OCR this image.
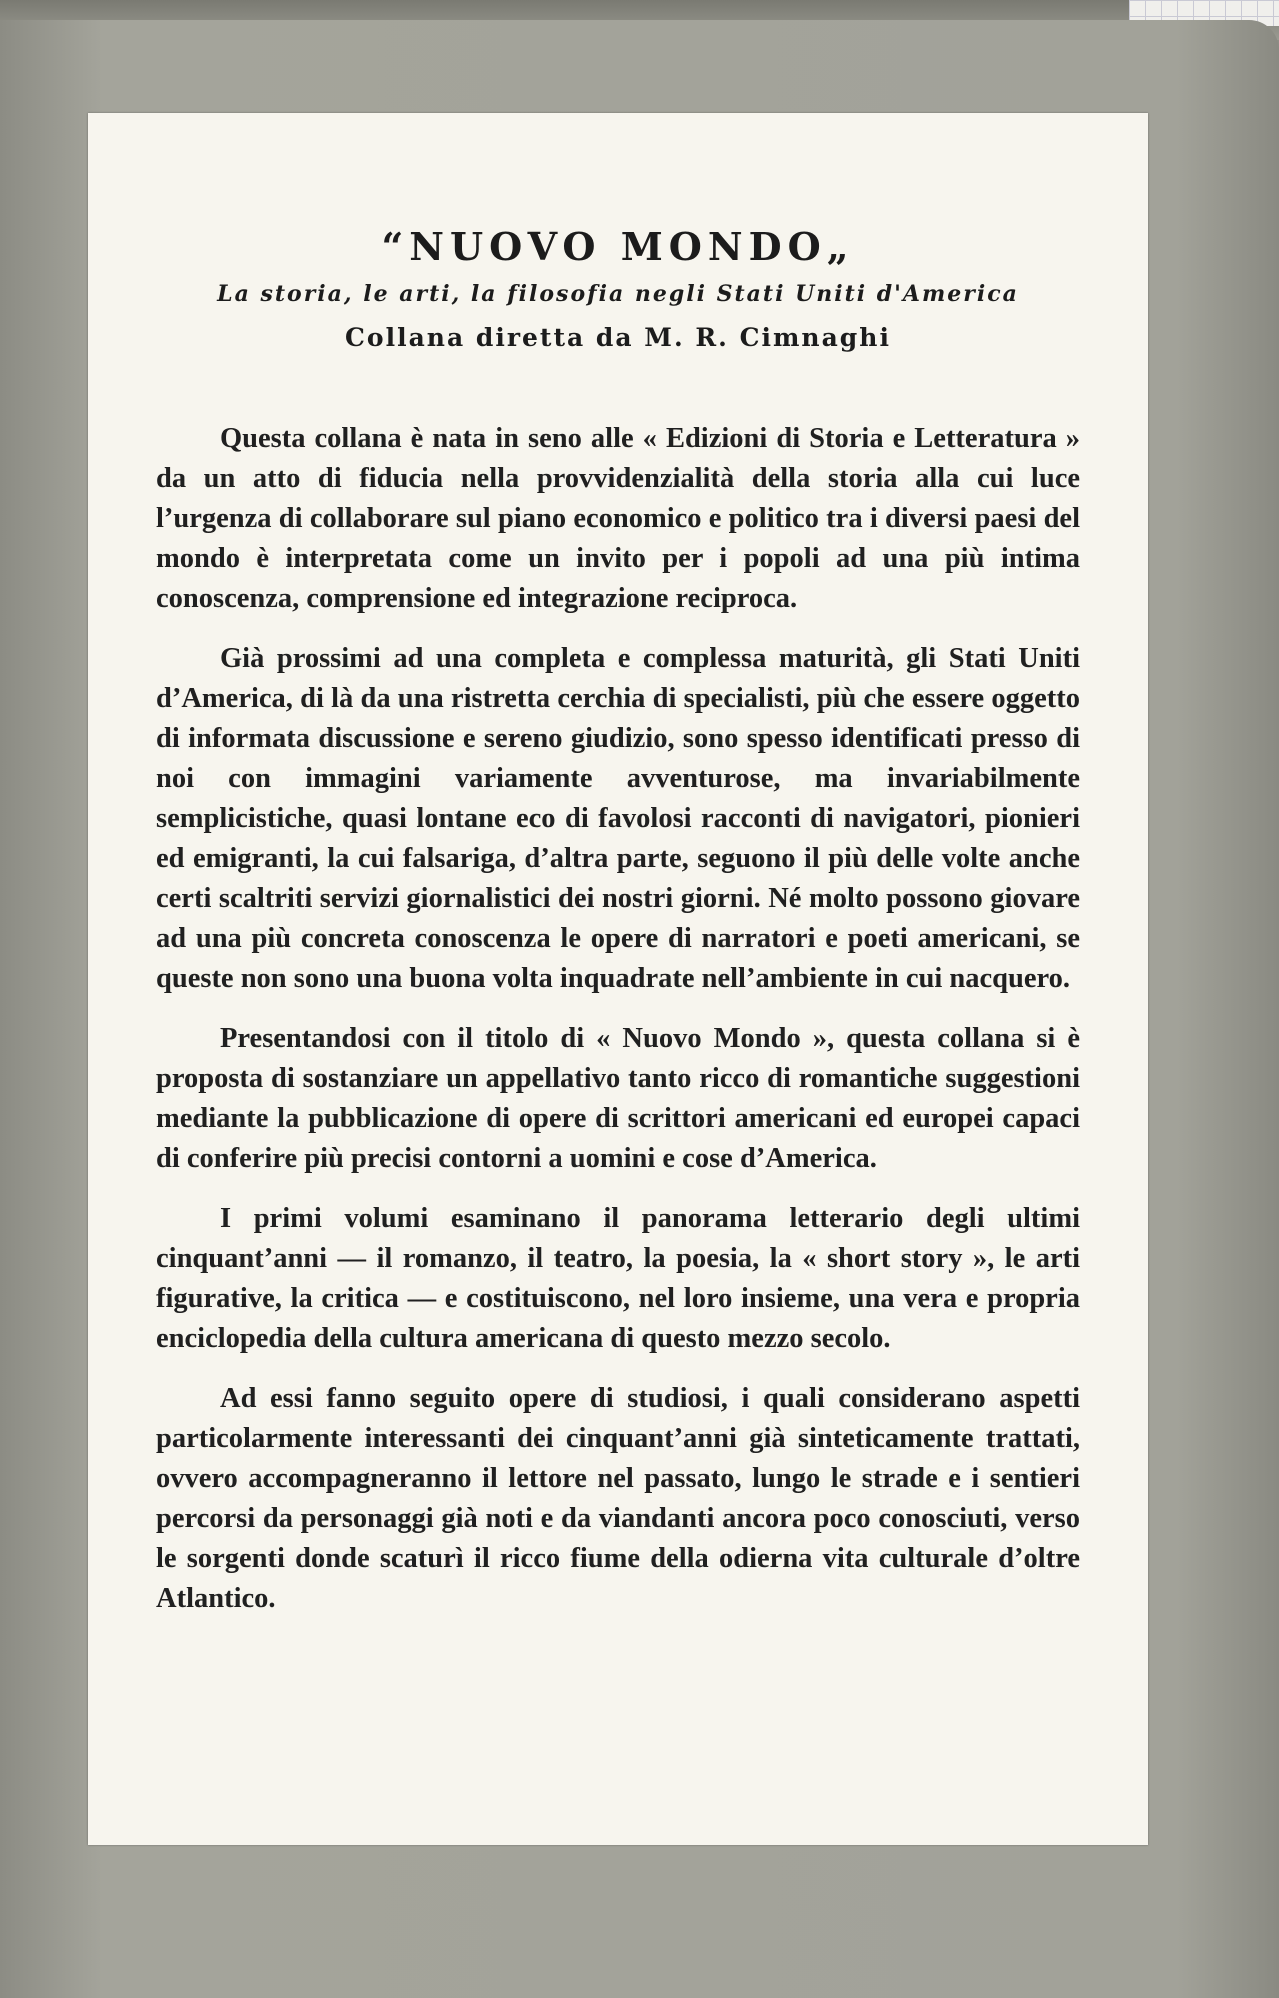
“NUOVO MONDO„
La storia, le arti, la filosofia negli Stati Uniti d'America
Collana diretta da M. R. Cimnaghi

Questa collana è nata in seno alle « Edizioni di Storia e Letteratura » da un atto di fiducia nella provvidenzialità della storia alla cui luce l’urgenza di collaborare sul piano economico e politico tra i diversi paesi del mondo è interpretata come un invito per i popoli ad una più intima conoscenza, comprensione ed integrazione reciproca.

Già prossimi ad una completa e complessa maturità, gli Stati Uniti d’America, di là da una ristretta cerchia di specialisti, più che essere oggetto di informata discussione e sereno giudizio, sono spesso identificati presso di noi con immagini variamente avventurose, ma invariabilmente semplicistiche, quasi lontane eco di favolosi racconti di navigatori, pionieri ed emigranti, la cui falsariga, d’altra parte, seguono il più delle volte anche certi scaltriti servizi giornalistici dei nostri giorni. Né molto possono giovare ad una più concreta conoscenza le opere di narratori e poeti americani, se queste non sono una buona volta inquadrate nell’ambiente in cui nacquero.

Presentandosi con il titolo di « Nuovo Mondo », questa collana si è proposta di sostanziare un appellativo tanto ricco di romantiche suggestioni mediante la pubblicazione di opere di scrittori americani ed europei capaci di conferire più precisi contorni a uomini e cose d’America.

I primi volumi esaminano il panorama letterario degli ultimi cinquant’anni — il romanzo, il teatro, la poesia, la « short story », le arti figurative, la critica — e costituiscono, nel loro insieme, una vera e propria enciclopedia della cultura americana di questo mezzo secolo.

Ad essi fanno seguito opere di studiosi, i quali considerano aspetti particolarmente interessanti dei cinquant’anni già sinteticamente trattati, ovvero accompagneranno il lettore nel passato, lungo le strade e i sentieri percorsi da personaggi già noti e da viandanti ancora poco conosciuti, verso le sorgenti donde scaturì il ricco fiume della odierna vita culturale d’oltre Atlantico.
